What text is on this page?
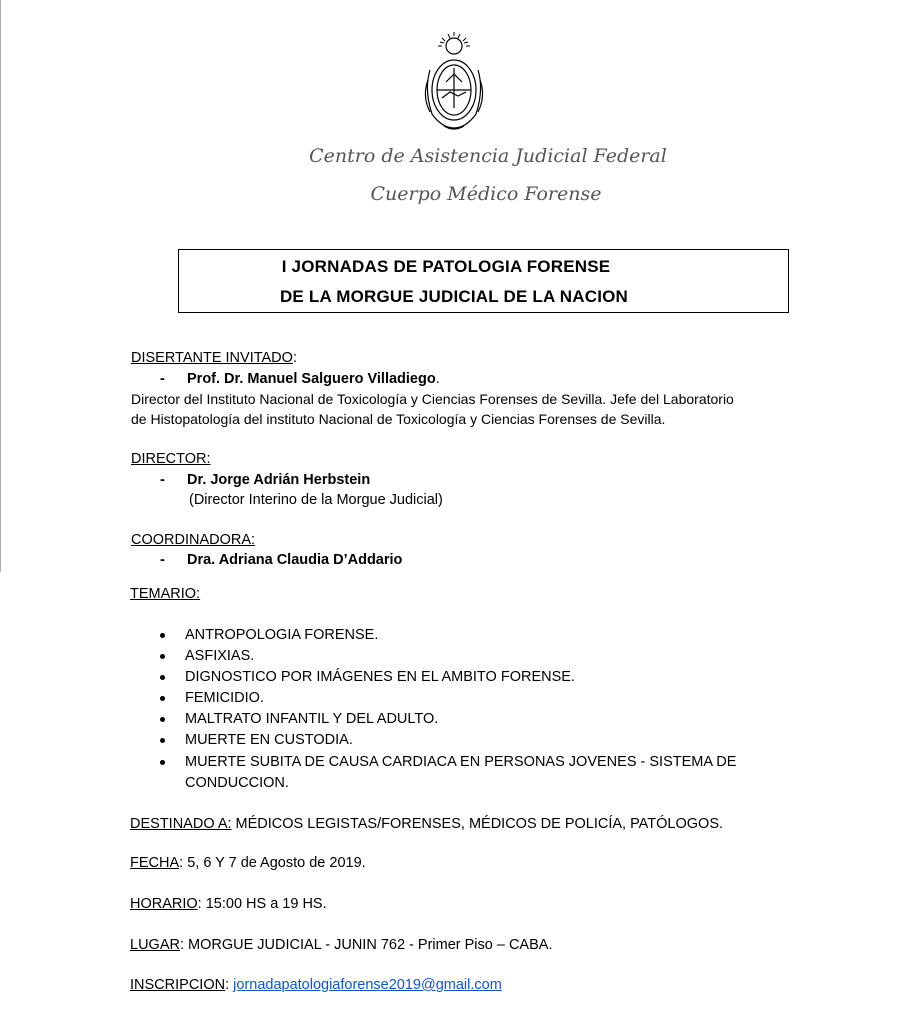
Centro de Asistencia Judicial Federal
Cuerpo Médico Forense
I JORNADAS DE PATOLOGIA FORENSE
DE LA MORGUE JUDICIAL DE LA NACION
DISERTANTE INVITADO:
- Prof. Dr. Manuel Salguero Villadiego.
Director del Instituto Nacional de Toxicología y Ciencias Forenses de Sevilla. Jefe del Laboratorio
de Histopatología del instituto Nacional de Toxicología y Ciencias Forenses de Sevilla.
DIRECTOR:
- Dr. Jorge Adrián Herbstein
(Director Interino de la Morgue Judicial)
COORDINADORA:
- Dra. Adriana Claudia D’Addario
TEMARIO:
ANTROPOLOGIA FORENSE.
ASFIXIAS.
DIGNOSTICO POR IMÁGENES EN EL AMBITO FORENSE.
FEMICIDIO.
MALTRATO INFANTIL Y DEL ADULTO.
MUERTE EN CUSTODIA.
MUERTE SUBITA DE CAUSA CARDIACA EN PERSONAS JOVENES - SISTEMA DE
CONDUCCION.
DESTINADO A: MÉDICOS LEGISTAS/FORENSES, MÉDICOS DE POLICÍA, PATÓLOGOS.
FECHA: 5, 6 Y 7 de Agosto de 2019.
HORARIO: 15:00 HS a 19 HS.
LUGAR: MORGUE JUDICIAL - JUNIN 762 - Primer Piso – CABA.
INSCRIPCION: jornadapatologiaforense2019@gmail.com
